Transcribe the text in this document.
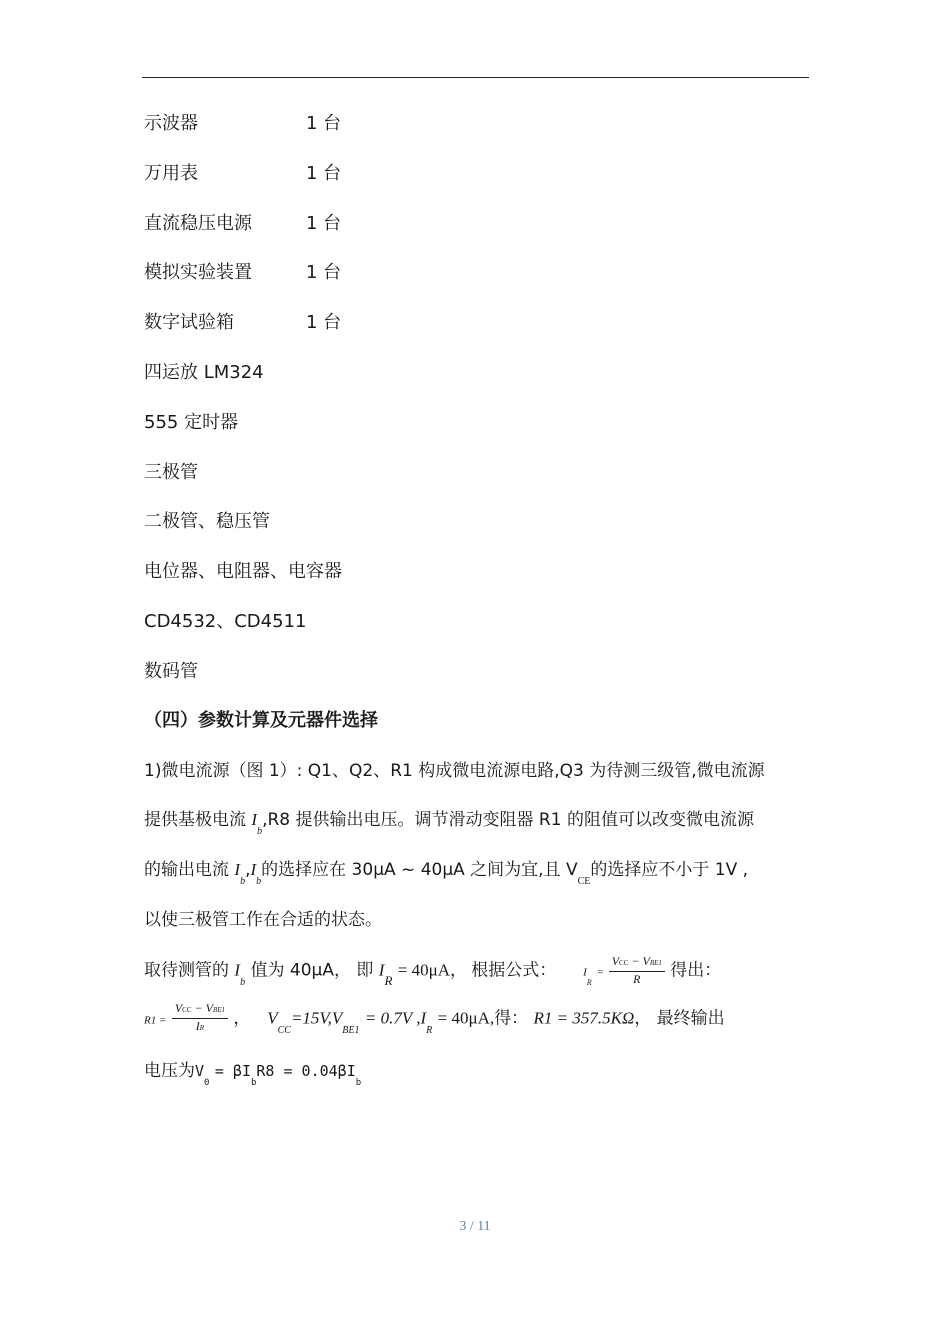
示波器	1 台
万用表	1 台
直流稳压电源	1 台
模拟实验装置	1 台
数字试验箱	1 台
四运放 LM324
555 定时器
三极管
二极管、稳压管
电位器、电阻器、电容器
CD4532、CD4511
数码管
（四）参数计算及元器件选择
1)微电流源（图 1）: Q1、Q2、R1 构成微电流源电路,Q3 为待测三级管,微电流源
提供基极电流 $I_b,R8$ 提供输出电压。调节滑动变阻器 R1 的阻值可以改变微电流源
的输出电流 $I_b,I_b$的选择应在 30μA ~ 40μA 之间为宜,且 $V_{CE}$的选择应不小于 1V ,
以使三极管工作在合适的状态。
取待测管的 $I_b$ 值为 40μA， 即 $I_R = 40\mu A$， 根据公式： $I_R = \frac{\text{VCC − VBE1}}{R}$ 得出：
$R1 = \frac{\text{VCC − VBE1}}{IR}$ ， $V_{CC}=15V,V_{BE1} = 0.7V$ $,I_R = 40\mu A$,得： R1 = 357.5KΩ， 最终输出
电压为$V_0 = \beta I_bR8 = 0.04\beta I_b$
3 / 11
